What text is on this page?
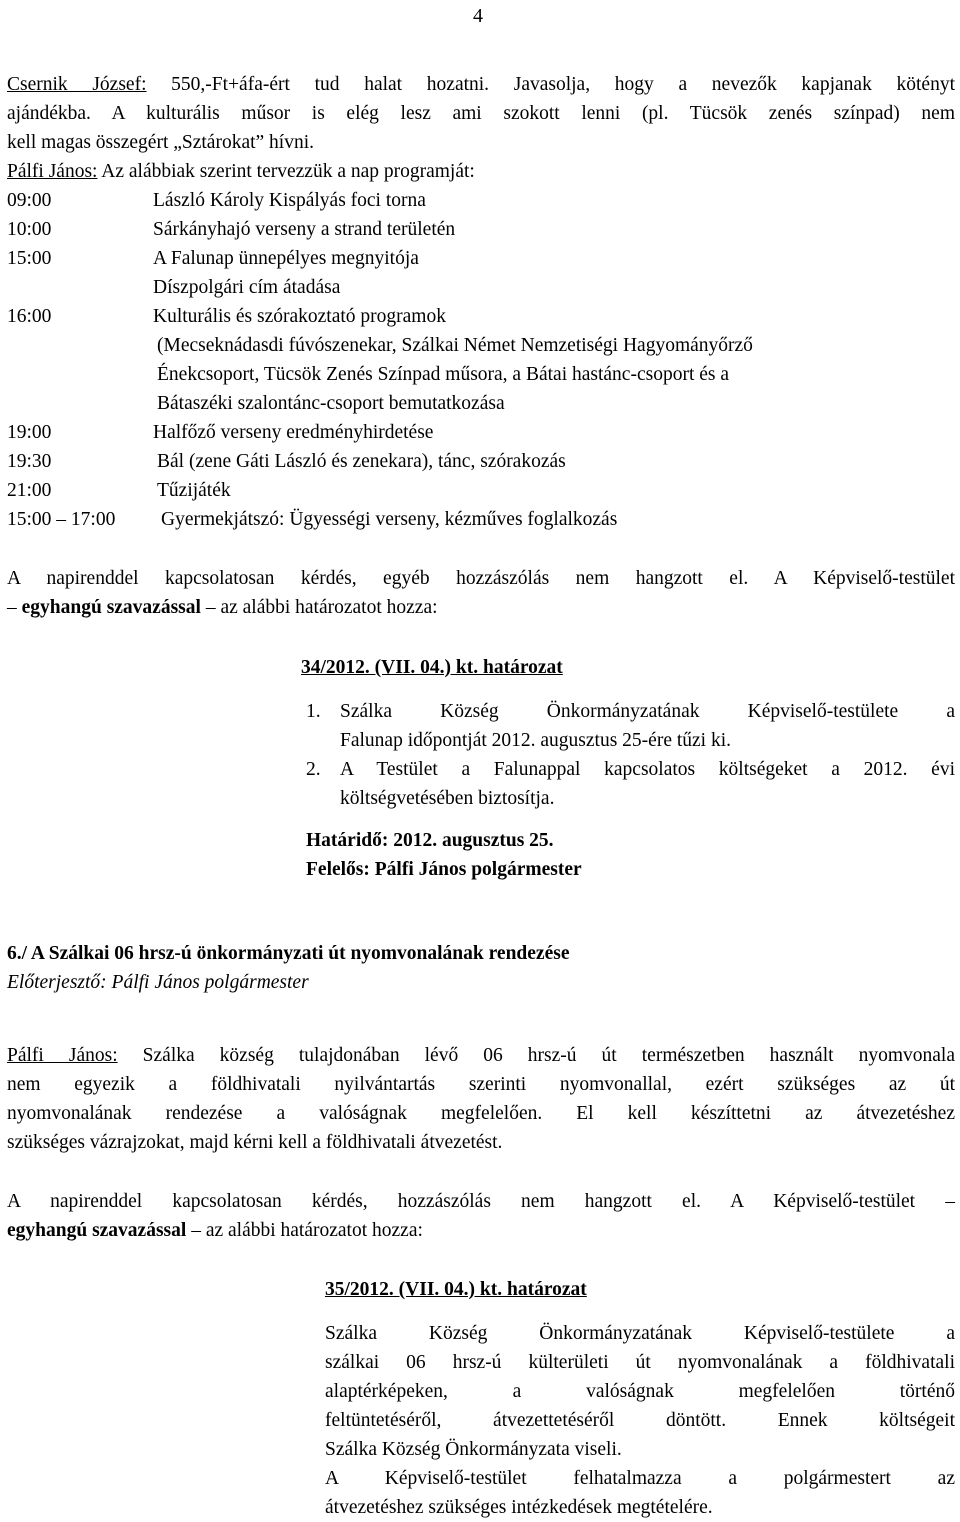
4

Csernik József: 550,-Ft+áfa-ért tud halat hozatni. Javasolja, hogy a nevezők kapjanak kötényt

ajándékba. A kulturális műsor is elég lesz ami szokott lenni (pl. Tücsök zenés színpad) nem

kell magas összegért „Sztárokat” hívni.

Pálfi János: Az alábbiak szerint tervezzük a nap programját:

09:00	László Károly Kispályás foci torna
10:00	Sárkányhajó verseny a strand területén
15:00	A Falunap ünnepélyes megnyitója
Díszpolgári cím átadása
16:00	Kulturális és szórakoztató programok
(Mecseknádasdi fúvószenekar, Szálkai Német Nemzetiségi Hagyományőrző
Énekcsoport, Tücsök Zenés Színpad műsora, a Bátai hastánc-csoport és a
Bátaszéki szalontánc-csoport bemutatkozása
19:00	Halfőző verseny eredményhirdetése
19:30	Bál (zene Gáti László és zenekara), tánc, szórakozás
21:00	Tűzijáték
15:00 – 17:00 Gyermekjátszó: Ügyességi verseny, kézműves foglalkozás

A napirenddel kapcsolatosan kérdés, egyéb hozzászólás nem hangzott el. A Képviselő-testület

– egyhangú szavazással – az alábbi határozatot hozza:

34/2012. (VII. 04.) kt. határozat

1. Szálka Község Önkormányzatának Képviselő-testülete a

Falunap időpontját 2012. augusztus 25-ére tűzi ki.

2. A Testület a Falunappal kapcsolatos költségeket a 2012. évi

költségvetésében biztosítja.

Határidő: 2012. augusztus 25.

Felelős: Pálfi János polgármester

6./ A Szálkai 06 hrsz-ú önkormányzati út nyomvonalának rendezése

Előterjesztő: Pálfi János polgármester

Pálfi János: Szálka község tulajdonában lévő 06 hrsz-ú út természetben használt nyomvonala

nem egyezik a földhivatali nyilvántartás szerinti nyomvonallal, ezért szükséges az út

nyomvonalának rendezése a valóságnak megfelelően. El kell készíttetni az átvezetéshez

szükséges vázrajzokat, majd kérni kell a földhivatali átvezetést.

A napirenddel kapcsolatosan kérdés, hozzászólás nem hangzott el. A Képviselő-testület –

egyhangú szavazással – az alábbi határozatot hozza:

35/2012. (VII. 04.) kt. határozat

Szálka Község Önkormányzatának Képviselő-testülete a

szálkai 06 hrsz-ú külterületi út nyomvonalának a földhivatali

alaptérképeken, a valóságnak megfelelően történő

feltüntetéséről, átvezettetéséről döntött. Ennek költségeit

Szálka Község Önkormányzata viseli.

A Képviselő-testület felhatalmazza a polgármestert az

átvezetéshez szükséges intézkedések megtételére.
